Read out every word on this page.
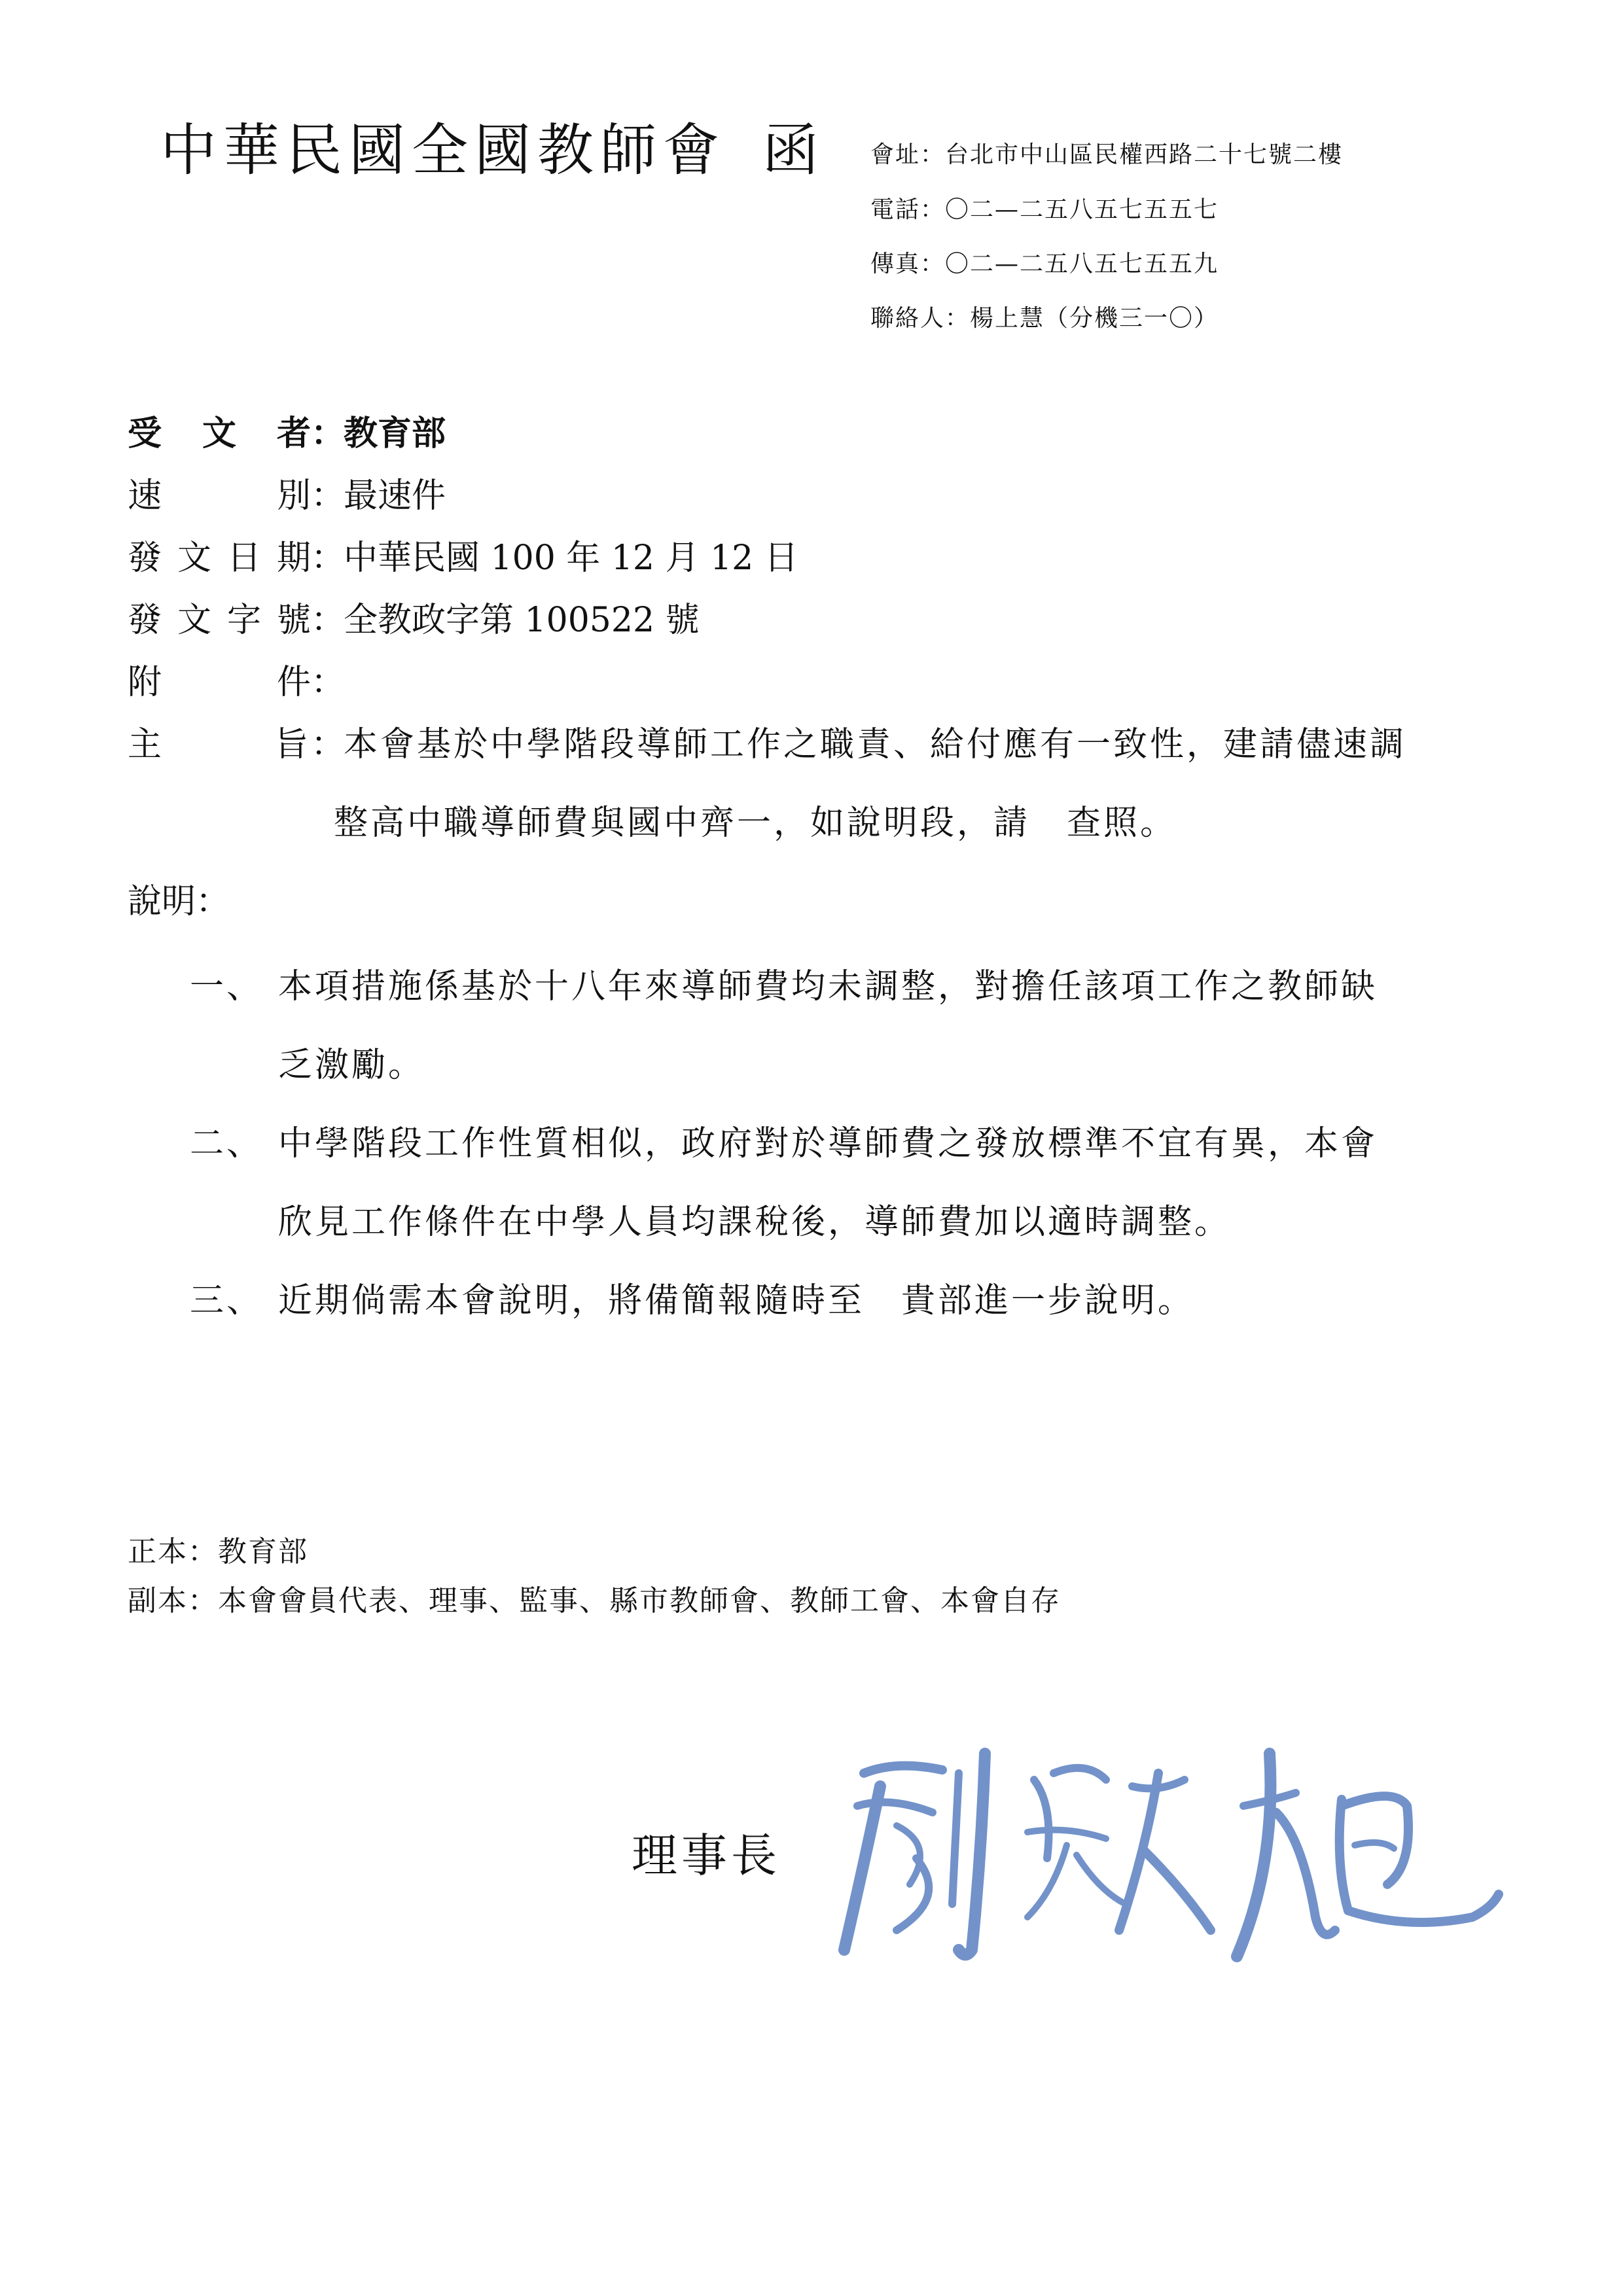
中華民國全國教師會 函 會址：台北市中山區民權西路二十七號二樓
電話：〇二—二五八五七五五七
傳真：〇二—二五八五七五五九
聯絡人：楊上慧（分機三一〇）
受文者 ：
教育部
速別 ：
最速件
發文日期 ：
中華民國 100 年 12 月 12 日
發文字號 ：
全教政字第 100522 號
附件 ：
主旨 ：
本會基於中學階段導師工作之職責、給付應有一致性，建請儘速調
整高中職導師費與國中齊一，如說明段，請　查照。
說明：
一、 本項措施係基於十八年來導師費均未調整，對擔任該項工作之教師缺
乏激勵。
二、 中學階段工作性質相似，政府對於導師費之發放標準不宜有異，本會
欣見工作條件在中學人員均課稅後，導師費加以適時調整。
三、 近期倘需本會說明，將備簡報隨時至　貴部進一步說明。
正本：教育部
副本：本會會員代表、理事、監事、縣市教師會、教師工會、本會自存
理事長
